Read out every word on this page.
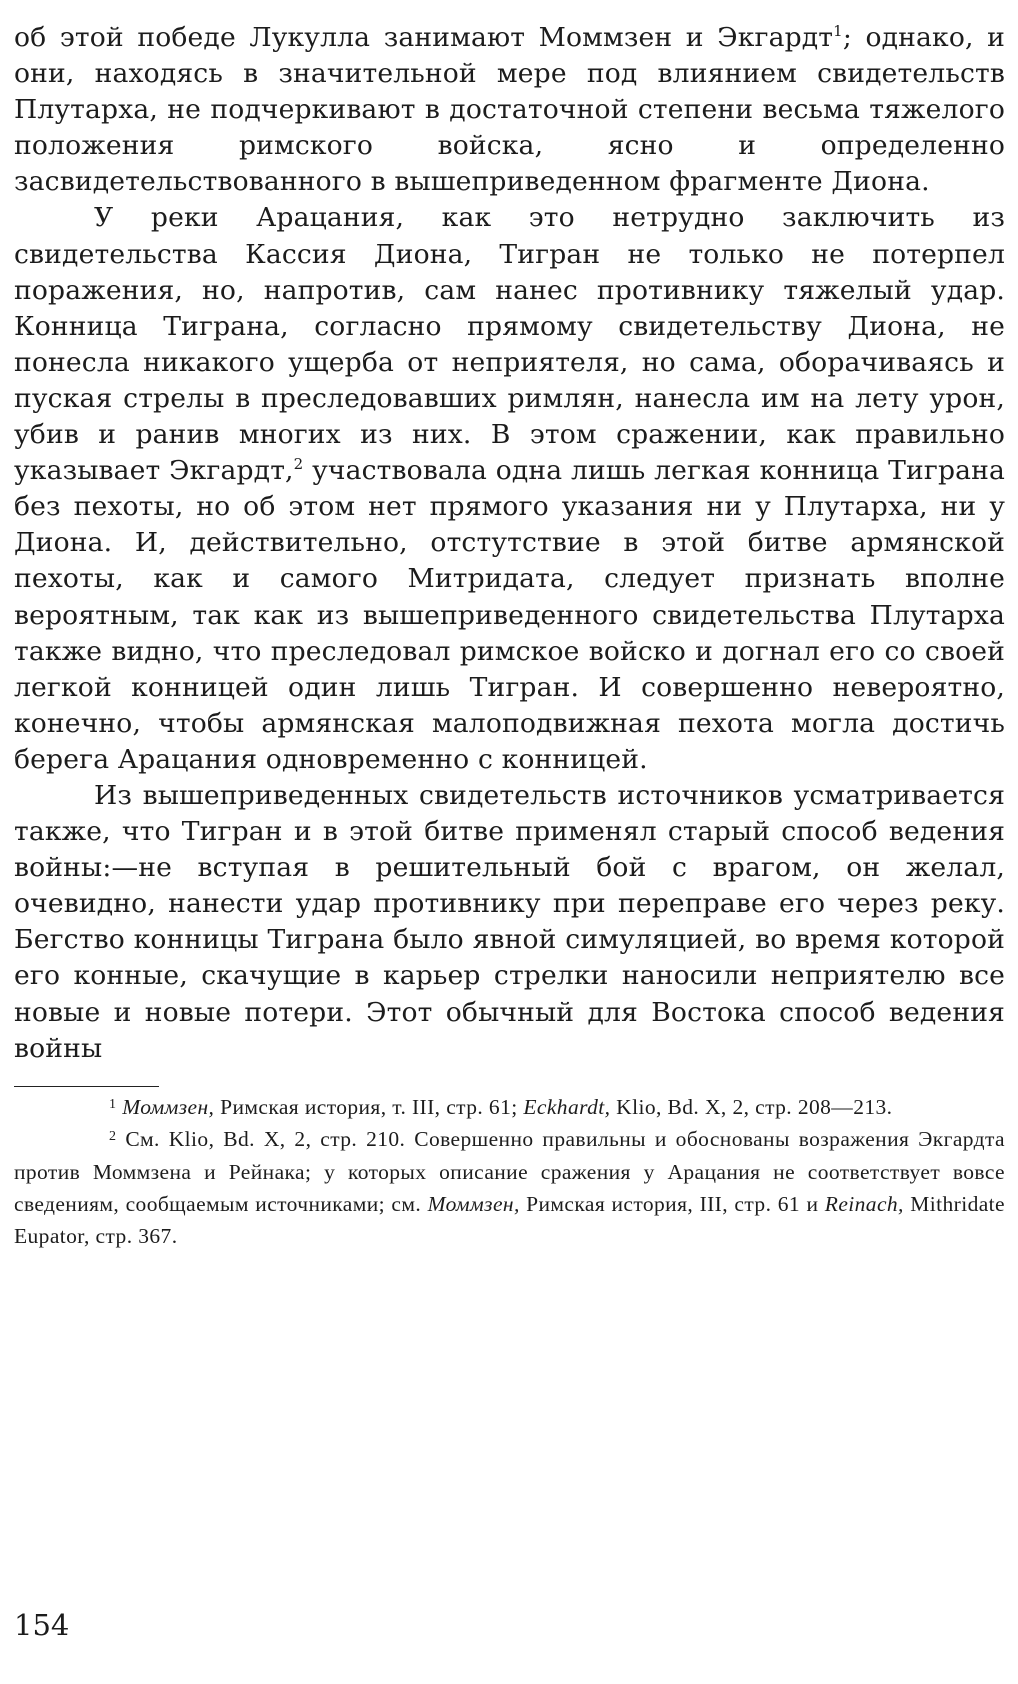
об этой победе Лукулла занимают Моммзен и Экгардт$^1$; однако, и они, находясь в значительной мере под влиянием свидетельств Плутарха, не подчеркивают в достаточной степени весьма тяжелого положения римского войска, ясно и определенно засвидетельствованного в вышеприведенном фрагменте Диона.

У реки Арацания, как это нетрудно заключить из свидетельства Кассия Диона, Тигран не только не потерпел поражения, но, напротив, сам нанес противнику тяжелый удар. Конница Тиграна, согласно прямому свидетельству Диона, не понесла никакого ущерба от неприятеля, но сама, оборачиваясь и пуская стрелы в преследовавших римлян, нанесла им на лету урон, убив и ранив многих из них. В этом сражении, как правильно указывает Экгардт,$^2$ участвовала одна лишь легкая конница Тиграна без пехоты, но об этом нет прямого указания ни у Плутарха, ни у Диона. И, действительно, отстутствие в этой битве армянской пехоты, как и самого Митридата, следует признать вполне вероятным, так как из вышеприведенного свидетельства Плутарха также видно, что преследовал римское войско и догнал его со своей легкой конницей один лишь Тигран. И совершенно невероятно, конечно, чтобы армянская малоподвижная пехота могла достичь берега Арацания одновременно с конницей.

Из вышеприведенных свидетельств источников усматривается также, что Тигран и в этой битве применял старый способ ведения войны:—не вступая в решительный бой с врагом, он желал, очевидно, нанести удар противнику при переправе его через реку. Бегство конницы Тиграна было явной симуляцией, во время которой его конные, скачущие в карьер стрелки наносили неприятелю все новые и новые потери. Этот обычный для Востока способ ведения войны

$^1$ Моммзен, Римская история, т. III, стр. 61; Eckhardt, Klio, Bd. X, 2, стр. 208—213.

$^2$ См. Klio, Bd. X, 2, стр. 210. Совершенно правильны и обоснованы возражения Экгардта против Моммзена и Рейнака; у которых описание сражения у Арацания не соответствует вовсе сведениям, сообщаемым источниками; см. Моммзен, Римская история, III, стр. 61 и Reinach, Mithridate Eupator, стр. 367.

154
